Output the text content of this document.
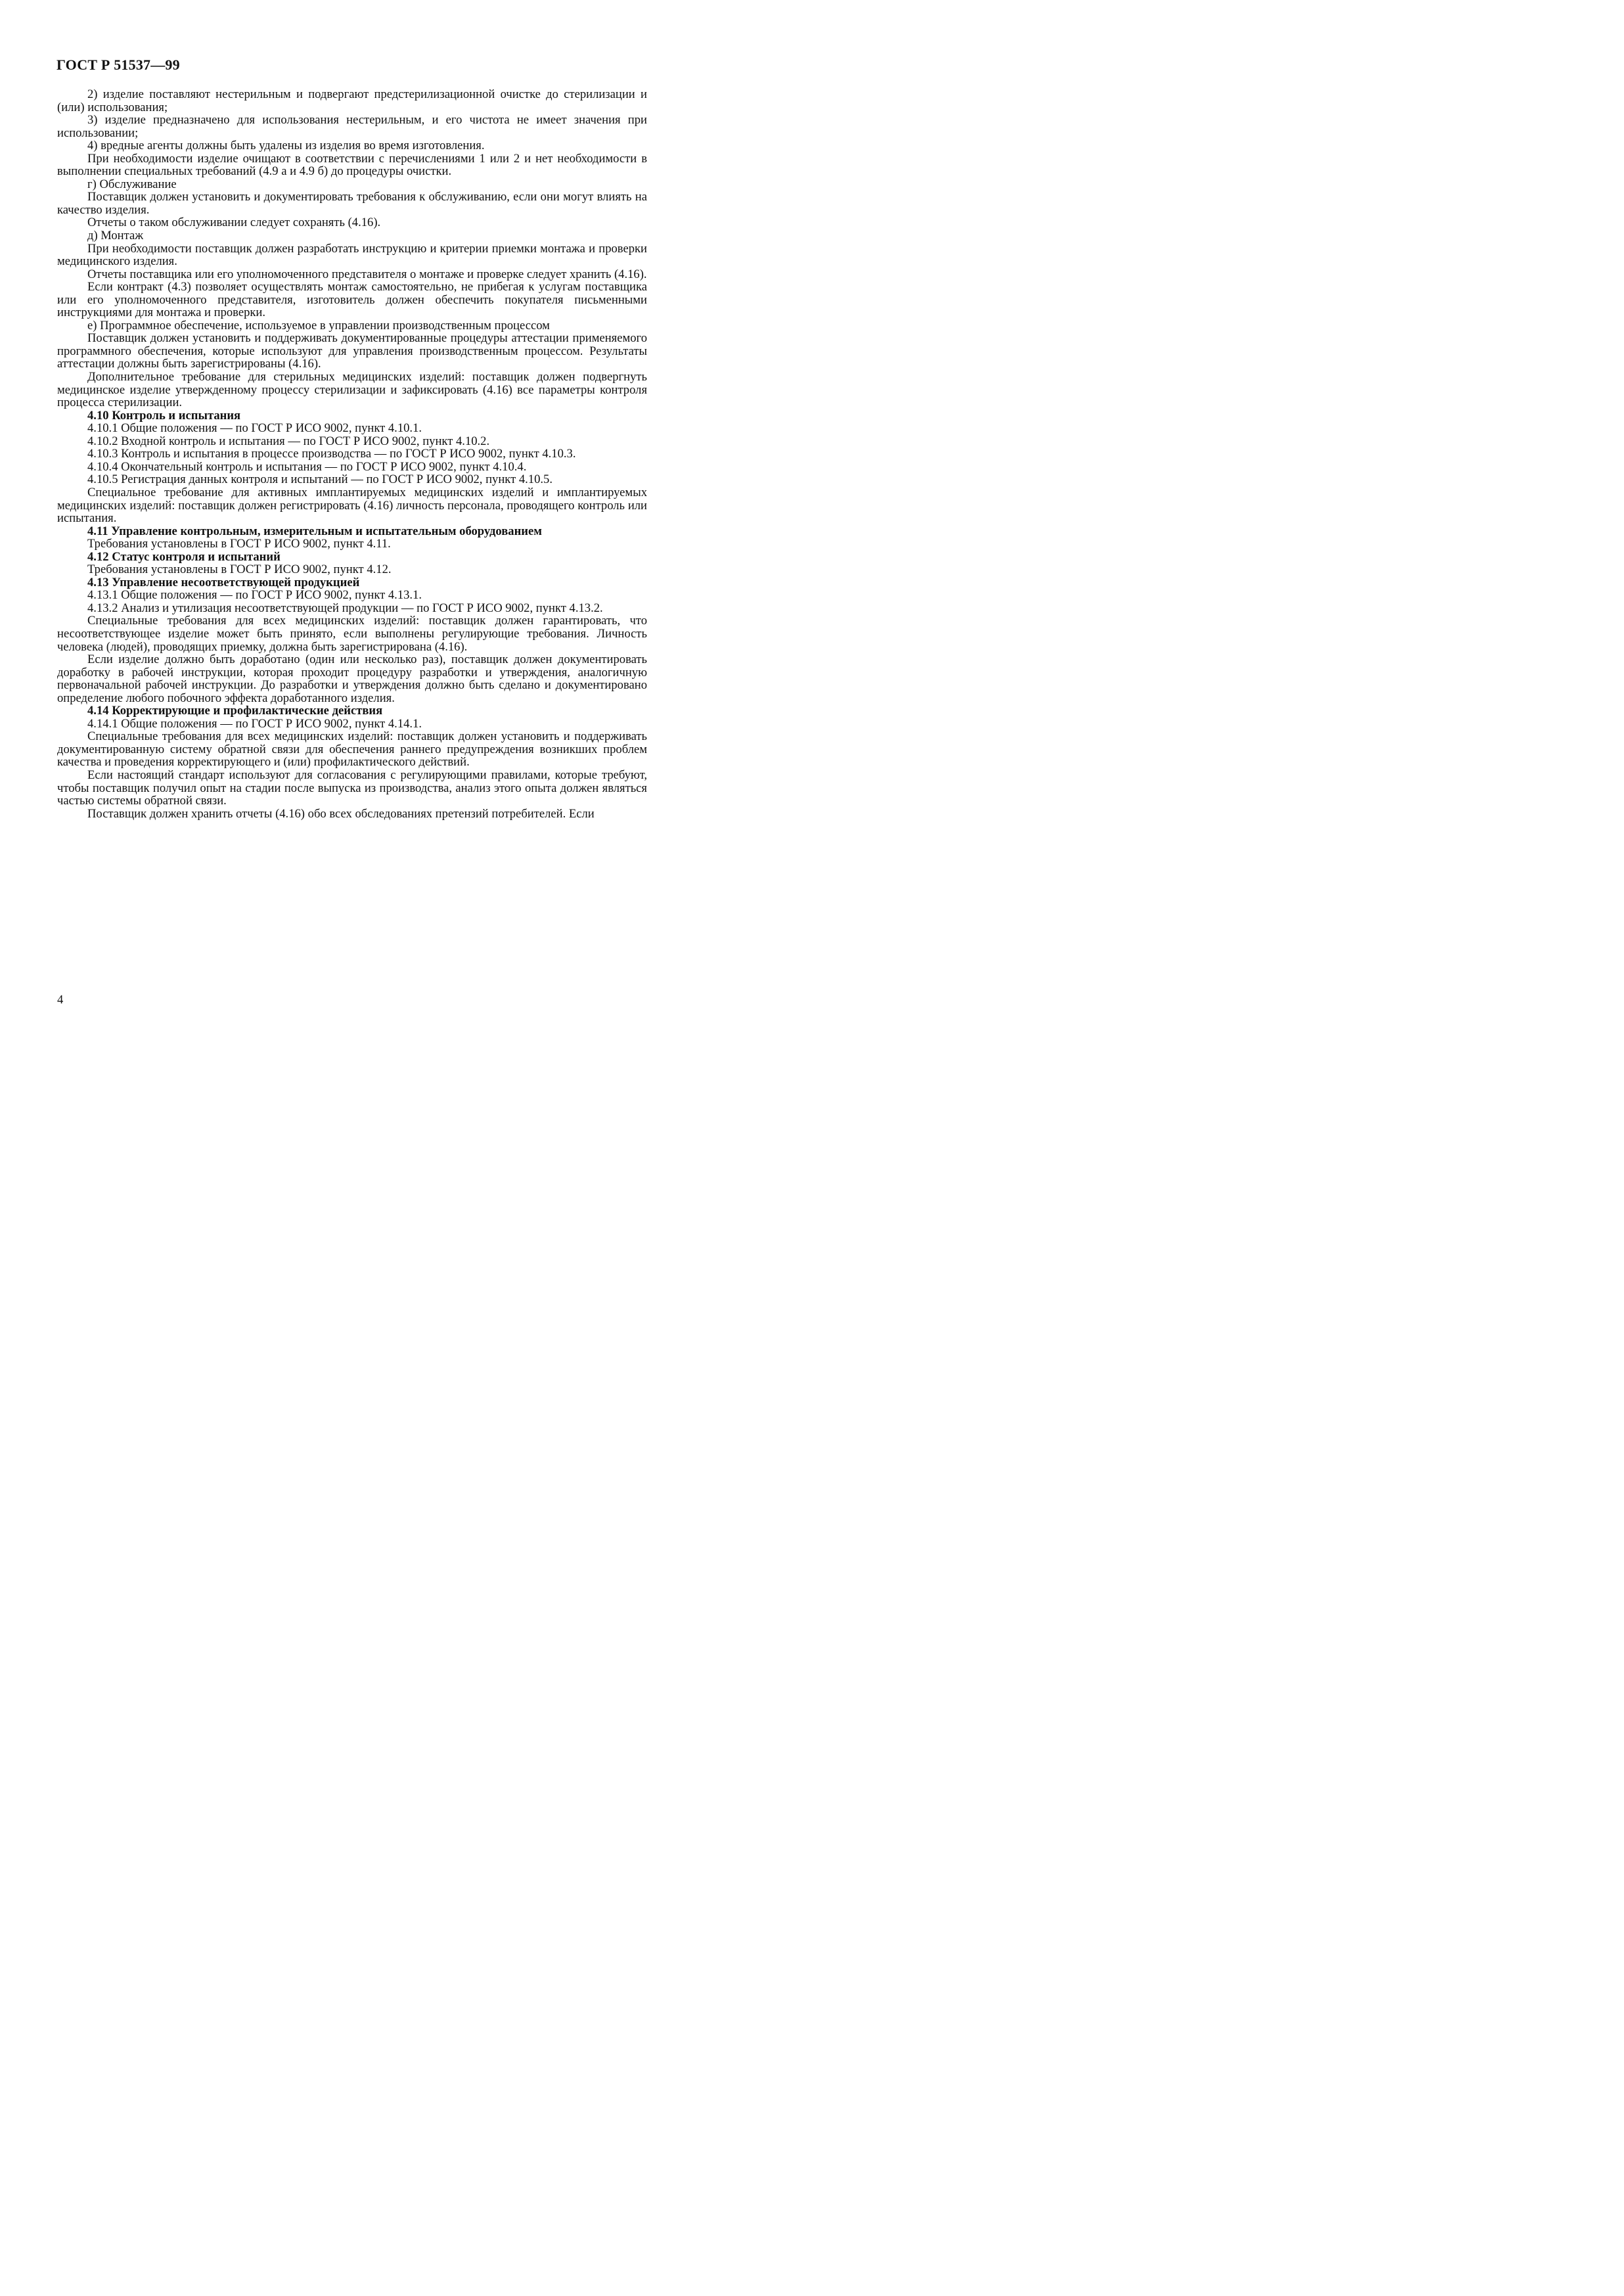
ГОСТ Р 51537—99

2) изделие поставляют нестерильным и подвергают предстерилизационной очистке до стерилизации и (или) использования;

3) изделие предназначено для использования нестерильным, и его чистота не имеет значения при использовании;

4) вредные агенты должны быть удалены из изделия во время изготовления.

При необходимости изделие очищают в соответствии с перечислениями 1 или 2 и нет необходимости в выполнении специальных требований (4.9 а и 4.9 б) до процедуры очистки.

г) Обслуживание

Поставщик должен установить и документировать требования к обслуживанию, если они могут влиять на качество изделия.

Отчеты о таком обслуживании следует сохранять (4.16).

д) Монтаж

При необходимости поставщик должен разработать инструкцию и критерии приемки монтажа и проверки медицинского изделия.

Отчеты поставщика или его уполномоченного представителя о монтаже и проверке следует хранить (4.16).

Если контракт (4.3) позволяет осуществлять монтаж самостоятельно, не прибегая к услугам поставщика или его уполномоченного представителя, изготовитель должен обеспечить покупателя письменными инструкциями для монтажа и проверки.

е) Программное обеспечение, используемое в управлении производственным процессом

Поставщик должен установить и поддерживать документированные процедуры аттестации применяемого программного обеспечения, которые используют для управления производственным процессом. Результаты аттестации должны быть зарегистрированы (4.16).

Дополнительное требование для стерильных медицинских изделий: поставщик должен подвергнуть медицинское изделие утвержденному процессу стерилизации и зафиксировать (4.16) все параметры контроля процесса стерилизации.

4.10 Контроль и испытания

4.10.1 Общие положения — по ГОСТ Р ИСО 9002, пункт 4.10.1.

4.10.2 Входной контроль и испытания — по ГОСТ Р ИСО 9002, пункт 4.10.2.

4.10.3 Контроль и испытания в процессе производства — по ГОСТ Р ИСО 9002, пункт 4.10.3.

4.10.4 Окончательный контроль и испытания — по ГОСТ Р ИСО 9002, пункт 4.10.4.

4.10.5 Регистрация данных контроля и испытаний — по ГОСТ Р ИСО 9002, пункт 4.10.5.

Специальное требование для активных имплантируемых медицинских изделий и имплантируемых медицинских изделий: поставщик должен регистрировать (4.16) личность персонала, проводящего контроль или испытания.

4.11 Управление контрольным, измерительным и испытательным оборудованием

Требования установлены в ГОСТ Р ИСО 9002, пункт 4.11.

4.12 Статус контроля и испытаний

Требования установлены в ГОСТ Р ИСО 9002, пункт 4.12.

4.13 Управление несоответствующей продукцией

4.13.1 Общие положения — по ГОСТ Р ИСО 9002, пункт 4.13.1.

4.13.2 Анализ и утилизация несоответствующей продукции — по ГОСТ Р ИСО 9002, пункт 4.13.2.

Специальные требования для всех медицинских изделий: поставщик должен гарантировать, что несоответствующее изделие может быть принято, если выполнены регулирующие требования. Личность человека (людей), проводящих приемку, должна быть зарегистрирована (4.16).

Если изделие должно быть доработано (один или несколько раз), поставщик должен документировать доработку в рабочей инструкции, которая проходит процедуру разработки и утверждения, аналогичную первоначальной рабочей инструкции. До разработки и утверждения должно быть сделано и документировано определение любого побочного эффекта доработанного изделия.

4.14 Корректирующие и профилактические действия

4.14.1 Общие положения — по ГОСТ Р ИСО 9002, пункт 4.14.1.

Специальные требования для всех медицинских изделий: поставщик должен установить и поддерживать документированную систему обратной связи для обеспечения раннего предупреждения возникших проблем качества и проведения корректирующего и (или) профилактического действий.

Если настоящий стандарт используют для согласования с регулирующими правилами, которые требуют, чтобы поставщик получил опыт на стадии после выпуска из производства, анализ этого опыта должен являться частью системы обратной связи.

Поставщик должен хранить отчеты (4.16) обо всех обследованиях претензий потребителей. Если

4
